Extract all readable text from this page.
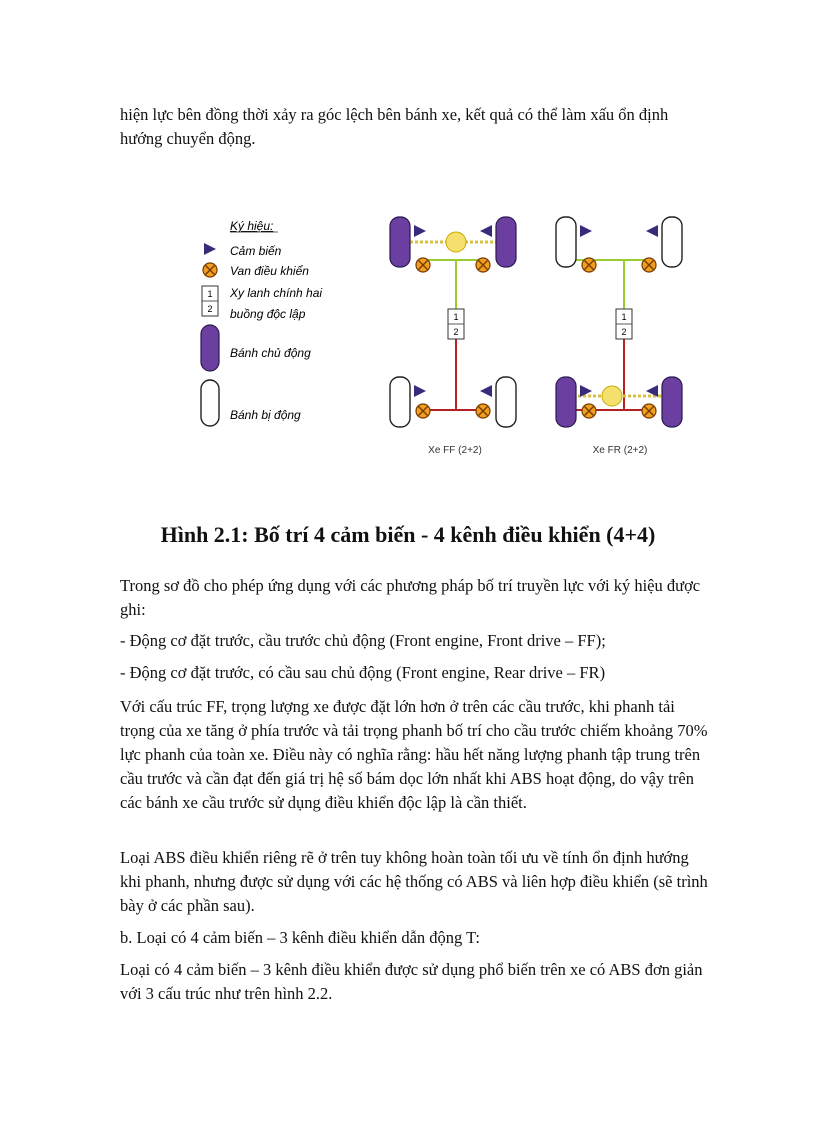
hiện lực bên đồng thời xảy ra góc lệch bên bánh xe, kết quả có thể làm xấu ổn định hướng chuyển động.

Ký hiệu:
Cảm biến
Van điều khiển
1
2
Xy lanh chính hai
buồng độc lập
Bánh chủ động
Bánh bị động
1
2
Xe FF (2+2)
1
2
Xe FR (2+2)

Hình 2.1: Bố trí 4 cảm biến - 4 kênh điều khiển (4+4)

Trong sơ đồ cho phép ứng dụng với các phương pháp bố trí truyền lực với ký hiệu được ghi:

- Động cơ đặt trước, cầu trước chủ động (Front engine, Front drive – FF);

- Động cơ đặt trước, có cầu sau chủ động (Front engine, Rear drive – FR)

Với cấu trúc FF, trọng lượng xe được đặt lớn hơn ở trên các cầu trước, khi phanh tải trọng của xe tăng ở phía trước và tải trọng phanh bố trí cho cầu trước chiếm khoảng 70% lực phanh của toàn xe. Điều này có nghĩa rằng: hầu hết năng lượng phanh tập trung trên cầu trước và cần đạt đến giá trị hệ số bám dọc lớn nhất khi ABS hoạt động, do vậy trên các bánh xe cầu trước sử dụng điều khiển độc lập là cần thiết.

Loại ABS điều khiển riêng rẽ ở trên tuy không hoàn toàn tối ưu về tính ổn định hướng khi phanh, nhưng được sử dụng với các hệ thống có ABS và liên hợp điều khiển (sẽ trình bày ở các phần sau).

b. Loại có 4 cảm biến – 3 kênh điều khiển dẫn động T:

Loại có 4 cảm biến – 3 kênh điều khiển được sử dụng phổ biến trên xe có ABS đơn giản với 3 cấu trúc như trên hình 2.2.
